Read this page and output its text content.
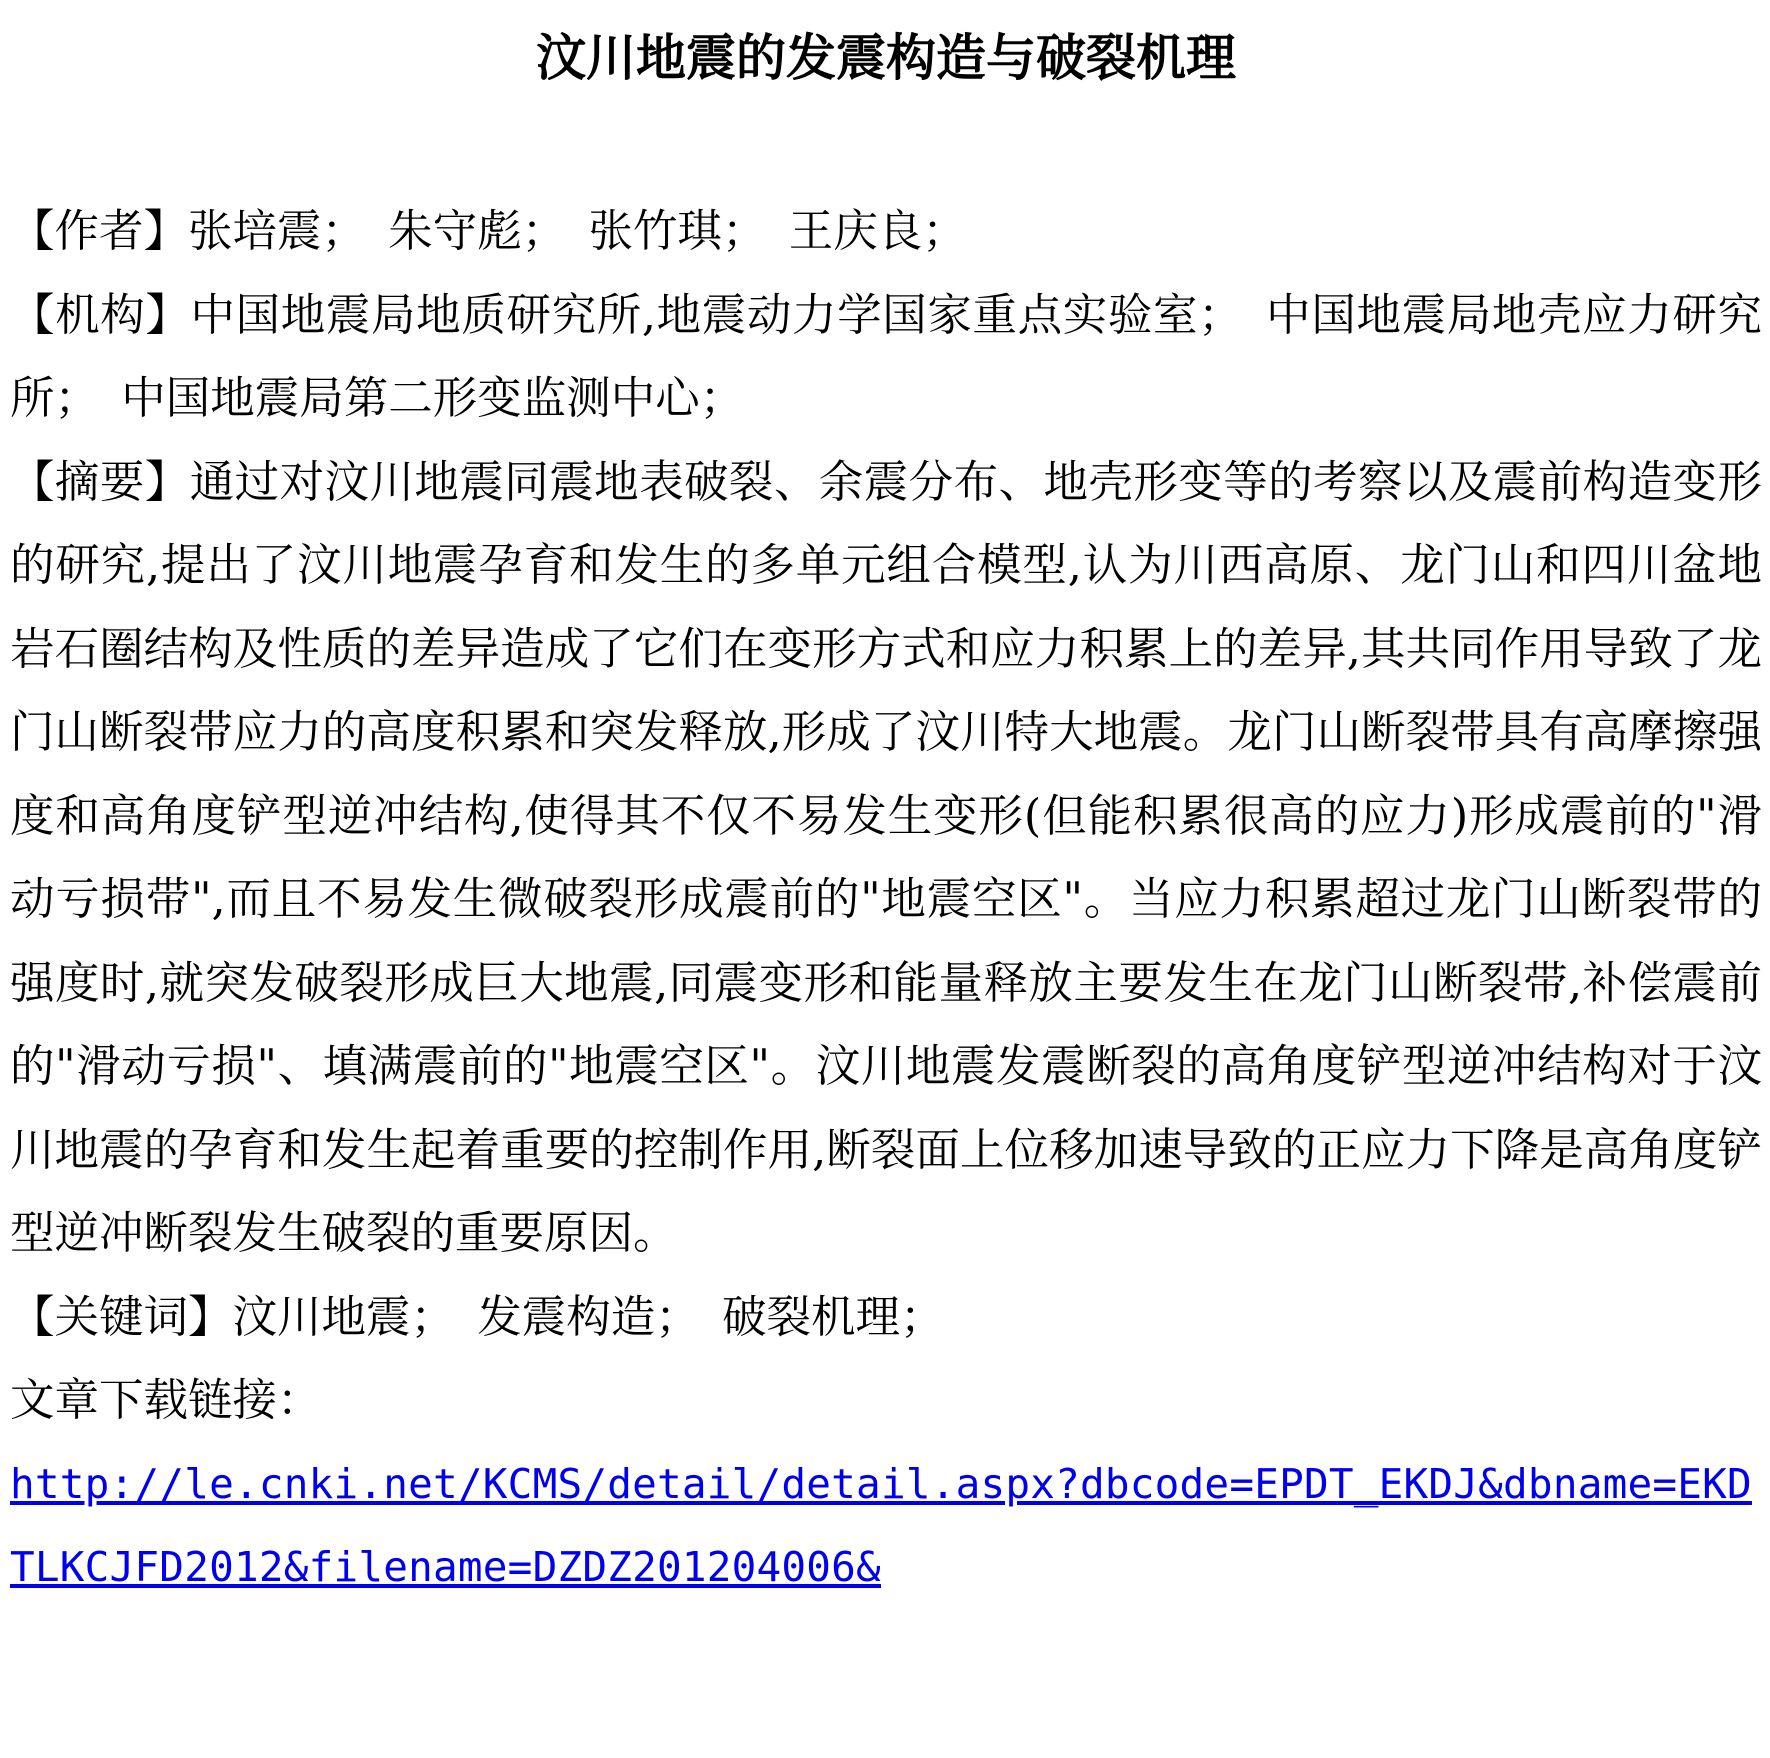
汶川地震的发震构造与破裂机理

【作者】张培震；　朱守彪；　张竹琪；　王庆良；

【机构】中国地震局地质研究所,地震动力学国家重点实验室；　中国地震局地壳应力研究所；　中国地震局第二形变监测中心；

【摘要】通过对汶川地震同震地表破裂、余震分布、地壳形变等的考察以及震前构造变形的研究,提出了汶川地震孕育和发生的多单元组合模型,认为川西高原、龙门山和四川盆地岩石圈结构及性质的差异造成了它们在变形方式和应力积累上的差异,其共同作用导致了龙门山断裂带应力的高度积累和突发释放,形成了汶川特大地震。龙门山断裂带具有高摩擦强度和高角度铲型逆冲结构,使得其不仅不易发生变形(但能积累很高的应力)形成震前的"滑动亏损带",而且不易发生微破裂形成震前的"地震空区"。当应力积累超过龙门山断裂带的强度时,就突发破裂形成巨大地震,同震变形和能量释放主要发生在龙门山断裂带,补偿震前的"滑动亏损"、填满震前的"地震空区"。汶川地震发震断裂的高角度铲型逆冲结构对于汶川地震的孕育和发生起着重要的控制作用,断裂面上位移加速导致的正应力下降是高角度铲型逆冲断裂发生破裂的重要原因。

【关键词】汶川地震；　发震构造；　破裂机理；

文章下载链接：

http://le.cnki.net/KCMS/detail/detail.aspx?dbcode=EPDT_EKDJ&dbname=EKDTLKCJFD2012&filename=DZDZ201204006&
